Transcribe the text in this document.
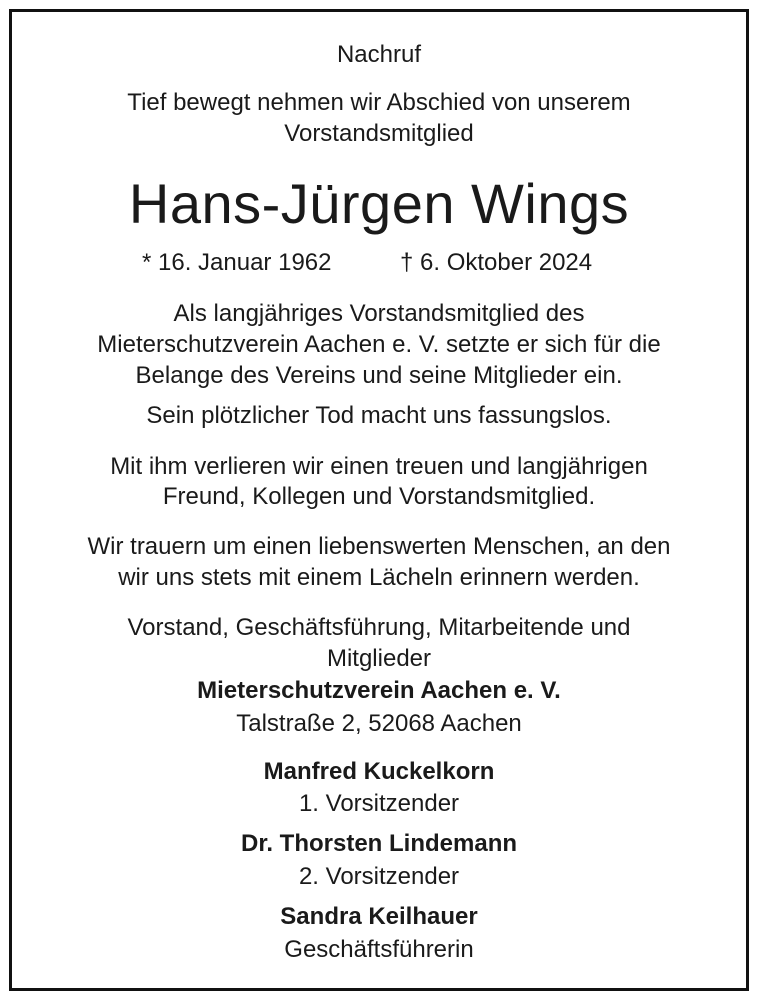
Nachruf
Tief bewegt nehmen wir Abschied von unserem
Vorstandsmitglied
Hans-Jürgen Wings
* 16. Januar 1962	† 6. Oktober 2024
Als langjähriges Vorstandsmitglied des
Mieterschutzverein Aachen e. V. setzte er sich für die
Belange des Vereins und seine Mitglieder ein.
Sein plötzlicher Tod macht uns fassungslos.
Mit ihm verlieren wir einen treuen und langjährigen
Freund, Kollegen und Vorstandsmitglied.
Wir trauern um einen liebenswerten Menschen, an den
wir uns stets mit einem Lächeln erinnern werden.
Vorstand, Geschäftsführung, Mitarbeitende und
Mitglieder
Mieterschutzverein Aachen e. V.
Talstraße 2, 52068 Aachen
Manfred Kuckelkorn
1. Vorsitzender
Dr. Thorsten Lindemann
2. Vorsitzender
Sandra Keilhauer
Geschäftsführerin
